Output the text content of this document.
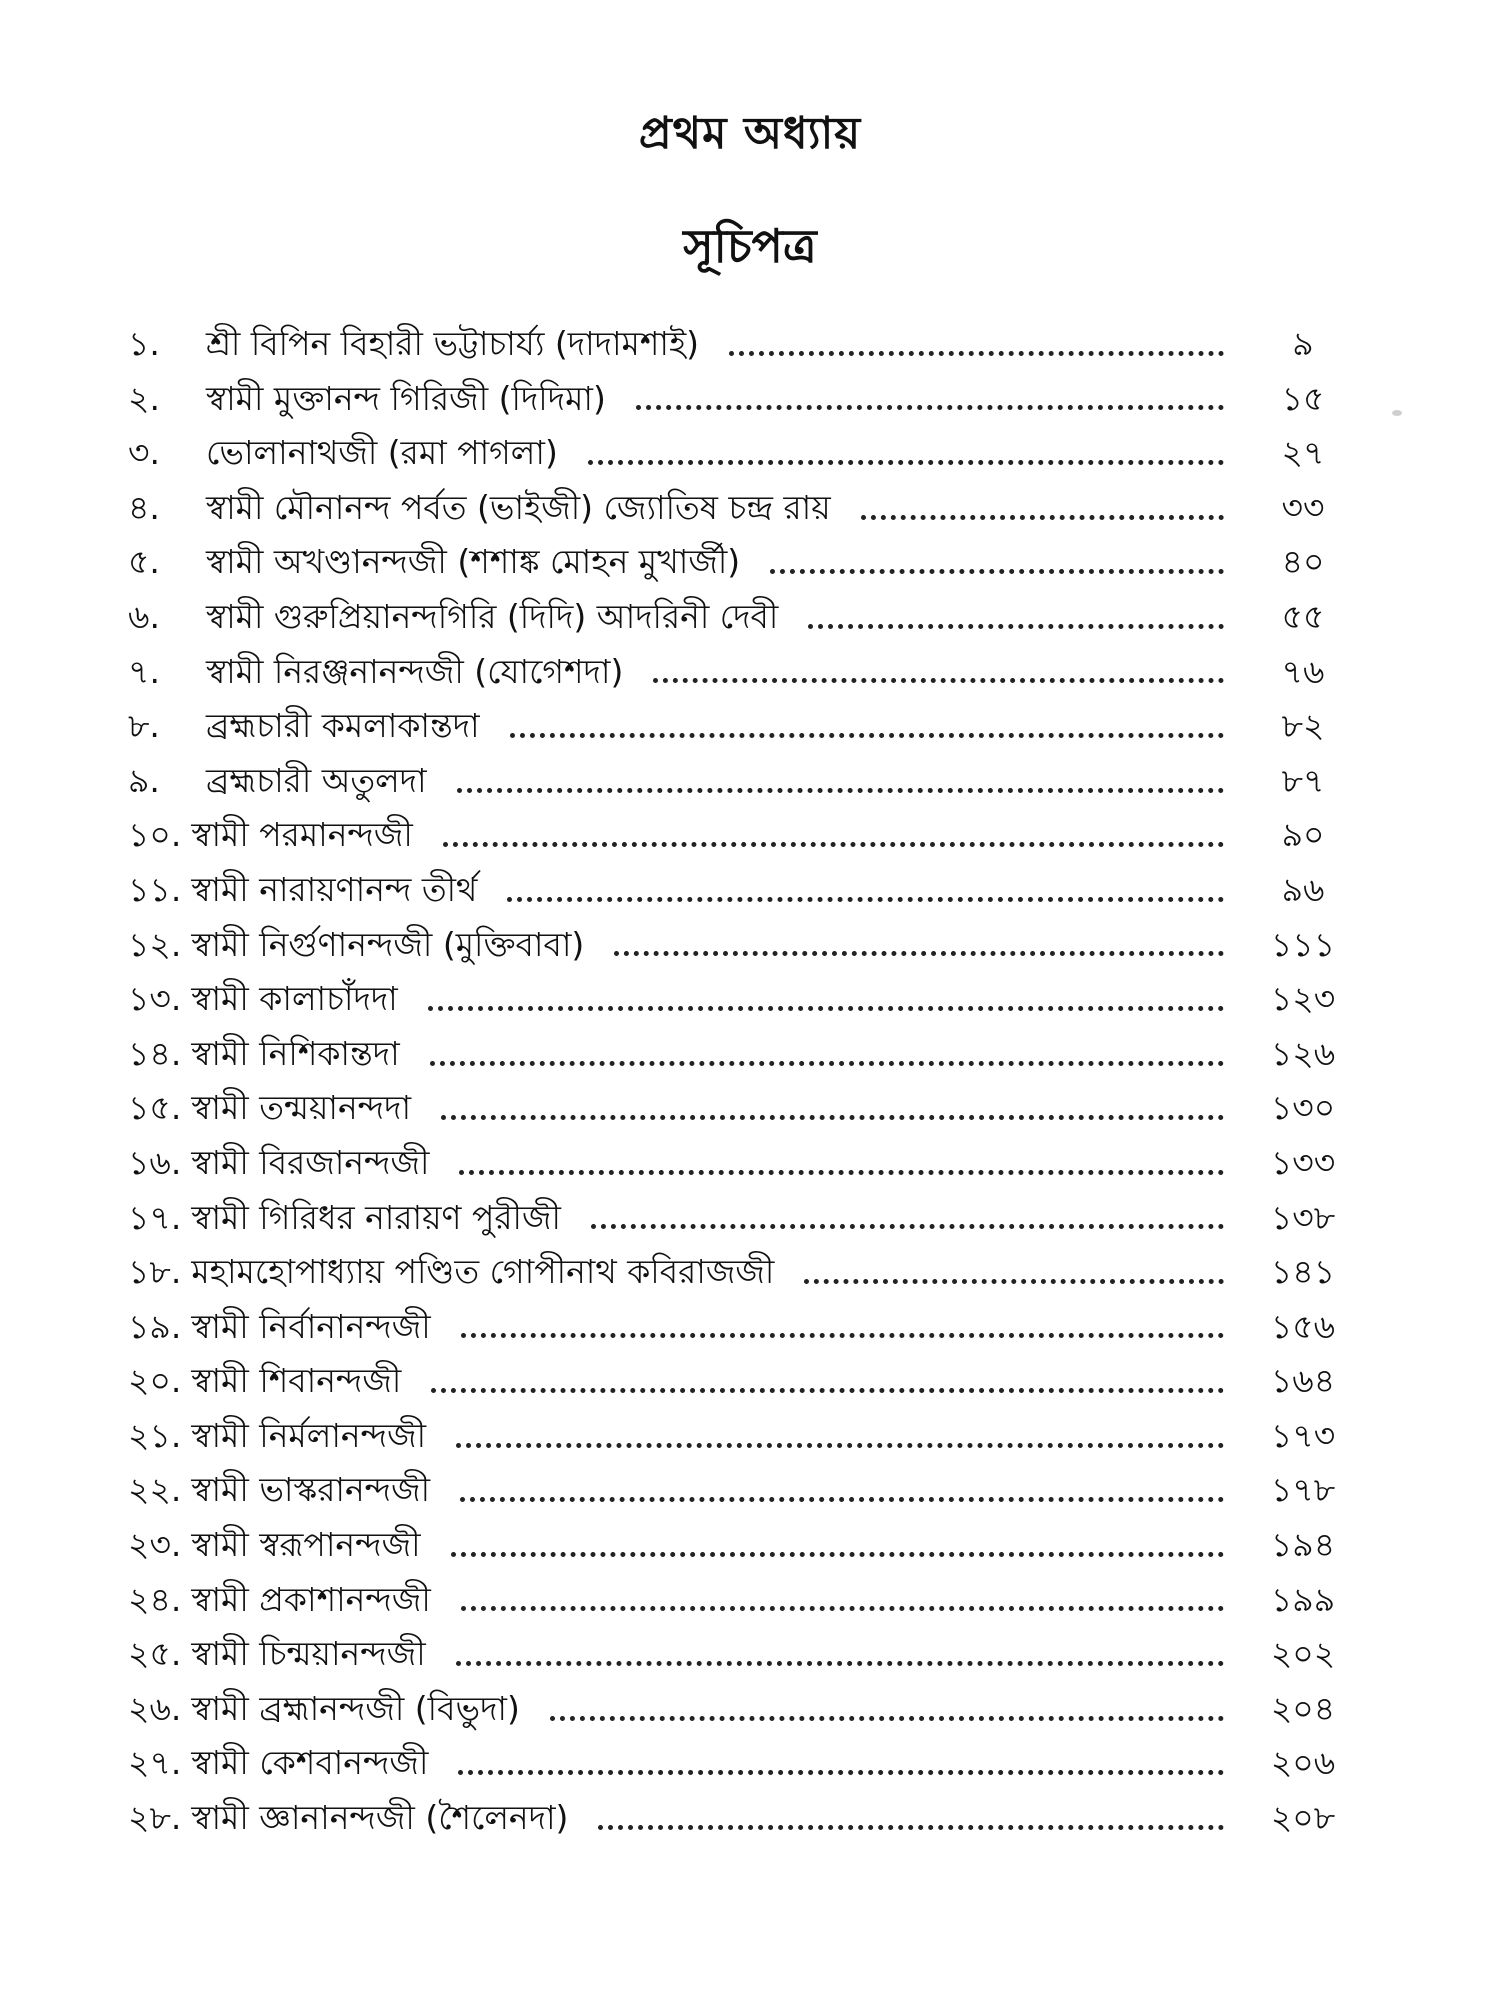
প্রথম অধ্যায়
সূচিপত্র
১.	শ্রী বিপিন বিহারী ভট্টাচার্য্য (দাদামশাই)	৯
২.	স্বামী মুক্তানন্দ গিরিজী (দিদিমা)	১৫
৩.	ভোলানাথজী (রমা পাগলা)	২৭
৪.	স্বামী মৌনানন্দ পর্বত (ভাইজী) জ্যোতিষ চন্দ্র রায়	৩৩
৫.	স্বামী অখণ্ডানন্দজী (শশাঙ্ক মোহন মুখার্জী)	৪০
৬.	স্বামী গুরুপ্রিয়ানন্দগিরি (দিদি) আদরিনী দেবী	৫৫
৭.	স্বামী নিরঞ্জনানন্দজী (যোগেশদা)	৭৬
৮.	ব্রহ্মচারী কমলাকান্তদা	৮২
৯.	ব্রহ্মচারী অতুলদা	৮৭
১০. স্বামী পরমানন্দজী	৯০
১১. স্বামী নারায়ণানন্দ তীর্থ	৯৬
১২. স্বামী নির্গুণানন্দজী (মুক্তিবাবা)	১১১
১৩. স্বামী কালাচাঁদদা	১২৩
১৪. স্বামী নিশিকান্তদা	১২৬
১৫. স্বামী তন্ময়ানন্দদা	১৩০
১৬. স্বামী বিরজানন্দজী	১৩৩
১৭. স্বামী গিরিধর নারায়ণ পুরীজী	১৩৮
১৮. মহামহোপাধ্যায় পণ্ডিত গোপীনাথ কবিরাজজী	১৪১
১৯. স্বামী নির্বানানন্দজী	১৫৬
২০. স্বামী শিবানন্দজী	১৬৪
২১. স্বামী নির্মলানন্দজী	১৭৩
২২. স্বামী ভাস্করানন্দজী	১৭৮
২৩. স্বামী স্বরূপানন্দজী	১৯৪
২৪. স্বামী প্রকাশানন্দজী	১৯৯
২৫. স্বামী চিন্ময়ানন্দজী	২০২
২৬. স্বামী ব্রহ্মানন্দজী (বিভুদা)	২০৪
২৭. স্বামী কেশবানন্দজী	২০৬
২৮. স্বামী জ্ঞানানন্দজী (শৈলেনদা)	২০৮
